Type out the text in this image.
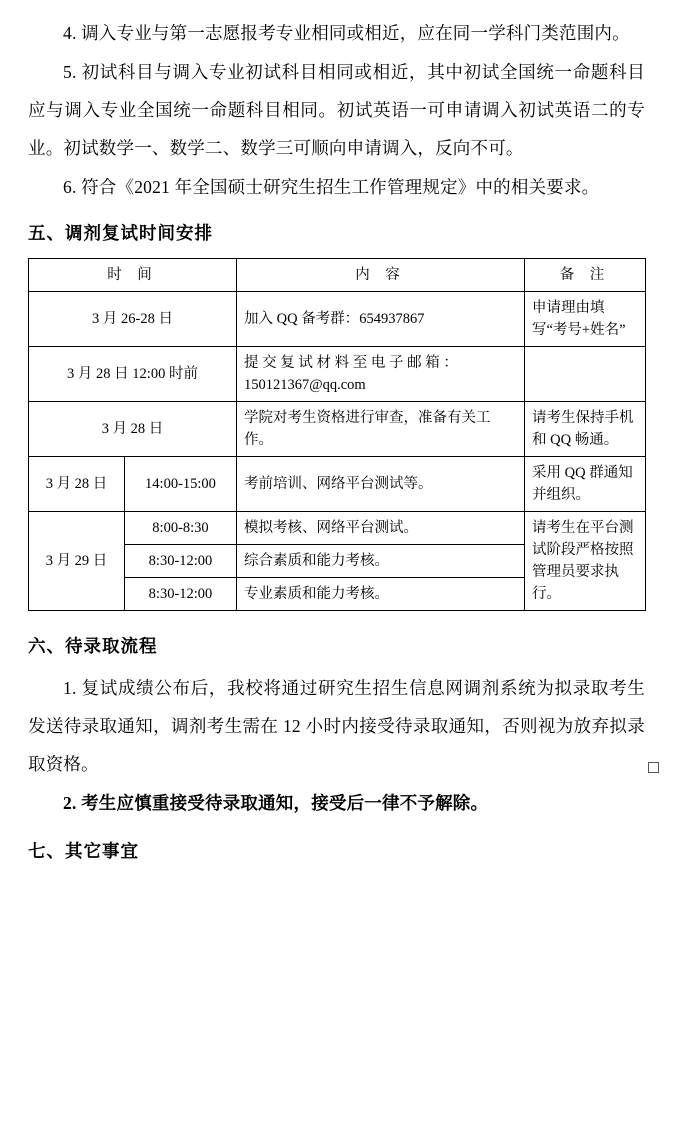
4. 调入专业与第一志愿报考专业相同或相近，应在同一学科门类范围内。

5. 初试科目与调入专业初试科目相同或相近，其中初试全国统一命题科目应与调入专业全国统一命题科目相同。初试英语一可申请调入初试英语二的专业。初试数学一、数学二、数学三可顺向申请调入，反向不可。

6. 符合《2021 年全国硕士研究生招生工作管理规定》中的相关要求。

五、调剂复试时间安排
时 间		内 容	备 注
3 月 26-28 日		加入 QQ 备考群：654937867	申请理由填写“考号+姓名”
3 月 28 日 12:00 时前		提 交 复 试 材 料 至 电 子 邮 箱 ：150121367@qq.com	
3 月 28 日		学院对考生资格进行审查，准备有关工作。	请考生保持手机和 QQ 畅通。
3 月 28 日	14:00-15:00	考前培训、网络平台测试等。	采用 QQ 群通知并组织。
3 月 29 日	8:00-8:30	模拟考核、网络平台测试。	请考生在平台测试阶段严格按照管理员要求执行。
	8:30-12:00	综合素质和能力考核。	
	8:30-12:00	专业素质和能力考核。	
六、待录取流程

1. 复试成绩公布后，我校将通过研究生招生信息网调剂系统为拟录取考生发送待录取通知，调剂考生需在 12 小时内接受待录取通知，否则视为放弃拟录取资格。

2. 考生应慎重接受待录取通知，接受后一律不予解除。

七、其它事宜
